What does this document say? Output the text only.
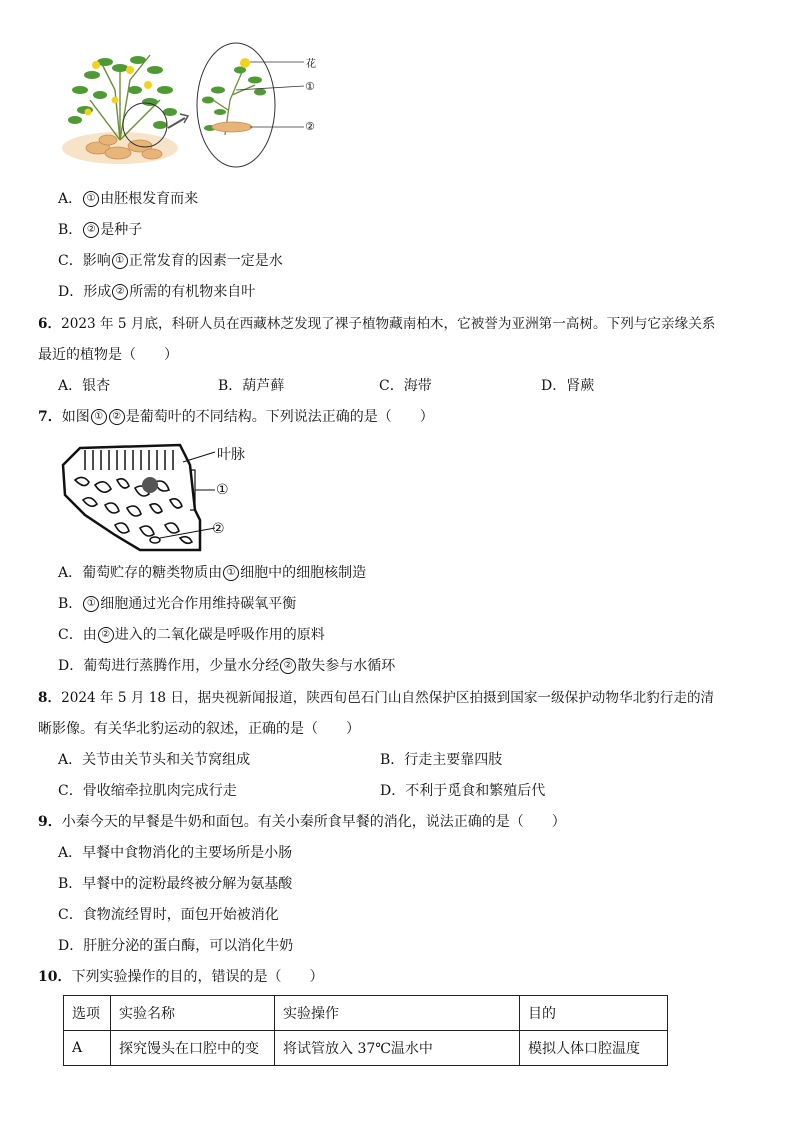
花
①
②
A． ① 由胚根发育而来
B． ② 是种子
C．影响 ① 正常发育的因素一定是水
D．形成 ② 所需的有机物来自叶
6．2023 年 5 月底，科研人员在西藏林芝发现了裸子植物藏南柏木，它被誉为亚洲第一高树。下列与它亲缘关系
最近的植物是（　　）
A．银杏	B．葫芦藓	C．海带	D．肾蕨
7．如图 ① ② 是葡萄叶的不同结构。下列说法正确的是（　　）
叶脉
①
②
A．葡萄贮存的糖类物质由 ① 细胞中的细胞核制造
B． ① 细胞通过光合作用维持碳氧平衡
C．由 ② 进入的二氧化碳是呼吸作用的原料
D．葡萄进行蒸腾作用，少量水分经 ② 散失参与水循环
8．2024 年 5 月 18 日，据央视新闻报道，陕西旬邑石门山自然保护区拍摄到国家一级保护动物华北豹行走的清
晰影像。有关华北豹运动的叙述，正确的是（　　）
A．关节由关节头和关节窝组成	B．行走主要靠四肢
C．骨收缩牵拉肌肉完成行走	D．不利于觅食和繁殖后代
9．小秦今天的早餐是牛奶和面包。有关小秦所食早餐的消化，说法正确的是（　　）
A．早餐中食物消化的主要场所是小肠
B．早餐中的淀粉最终被分解为氨基酸
C．食物流经胃时，面包开始被消化
D．肝脏分泌的蛋白酶，可以消化牛奶
10．下列实验操作的目的，错误的是（　　）
选项	实验名称	实验操作	目的
A	探究馒头在口腔中的变	将试管放入 37℃温水中	模拟人体口腔温度
